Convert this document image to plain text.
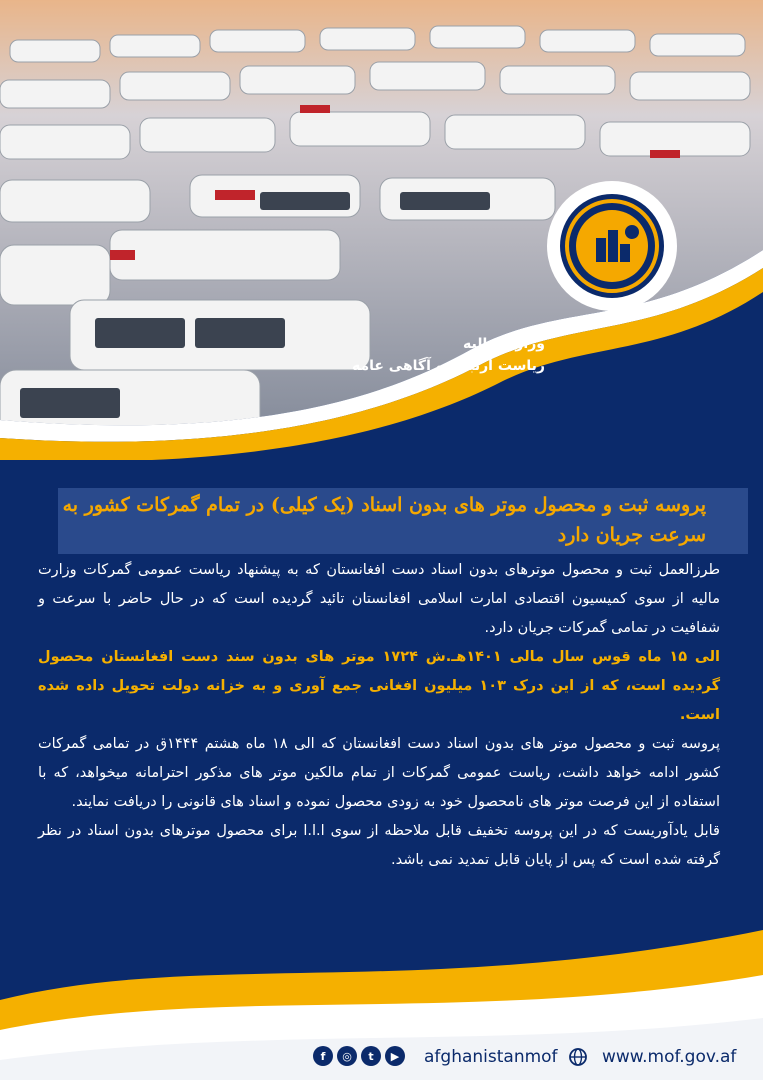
وزارت مالیه
ریاست ارتباط و آگاهی عامه
پروسه ثبت و محصول موتر های بدون اسناد (یک کیلی) در تمام گمرکات کشور به سرعت جریان دارد

طرزالعمل ثبت و محصول موترهای بدون اسناد دست افغانستان که به پیشنهاد ریاست عمومی گمرکات وزارت مالیه از سوی کمیسیون اقتصادی امارت اسلامی افغانستان تائید گردیده است که در حال حاضر با سرعت و شفافیت در تمامی گمرکات جریان دارد.

الی ۱۵ ماه قوس سال مالی ۱۴۰۱هـ.ش ۱۷۲۴ موتر های بدون سند دست افغانستان محصول گردیده است، که از این درک ۱۰۳ میلیون افغانی جمع آوری و به خزانه دولت تحویل داده شده است.

پروسه ثبت و محصول موتر های بدون اسناد دست افغانستان که الی ۱۸ ماه هشتم ۱۴۴۴ق در تمامی گمرکات کشور ادامه خواهد داشت، ریاست عمومی گمرکات از تمام مالکین موتر های مذکور احترامانه میخواهد، که با استفاده از این فرصت موتر های نامحصول خود به زودی محصول نموده و اسناد های قانونی را دریافت نمایند.

قابل یادآوریست که در این پروسه تخفیف قابل ملاحظه از سوی ا.ا.ا برای محصول موترهای بدون اسناد در نظر گرفته شده است که پس از پایان قابل تمدید نمی باشد.

f	◎	t	▶	afghanistanmof	www.mof.gov.af
